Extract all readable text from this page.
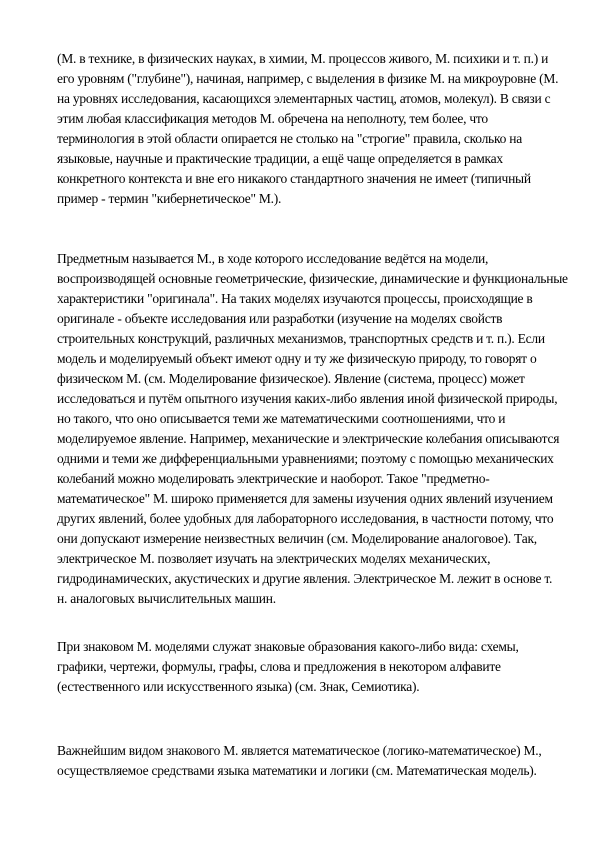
(М. в технике, в физических науках, в химии, М. процессов живого, М. психики и т. п.) и
его уровням ("глубине"), начиная, например, с выделения в физике М. на микроуровне (М.
на уровнях исследования, касающихся элементарных частиц, атомов, молекул). В связи с
этим любая классификация методов М. обречена на неполноту, тем более, что
терминология в этой области опирается не столько на "строгие" правила, сколько на
языковые, научные и практические традиции, а ещё чаще определяется в рамках
конкретного контекста и вне его никакого стандартного значения не имеет (типичный
пример - термин "кибернетическое" М.).
Предметным называется М., в ходе которого исследование ведётся на модели,
воспроизводящей основные геометрические, физические, динамические и функциональные
характеристики "оригинала". На таких моделях изучаются процессы, происходящие в
оригинале - объекте исследования или разработки (изучение на моделях свойств
строительных конструкций, различных механизмов, транспортных средств и т. п.). Если
модель и моделируемый объект имеют одну и ту же физическую природу, то говорят о
физическом М. (см. Моделирование физическое). Явление (система, процесс) может
исследоваться и путём опытного изучения каких-либо явления иной физической природы,
но такого, что оно описывается теми же математическими соотношениями, что и
моделируемое явление. Например, механические и электрические колебания описываются
одними и теми же дифференциальными уравнениями; поэтому с помощью механических
колебаний можно моделировать электрические и наоборот. Такое "предметно-
математическое" М. широко применяется для замены изучения одних явлений изучением
других явлений, более удобных для лабораторного исследования, в частности потому, что
они допускают измерение неизвестных величин (см. Моделирование аналоговое). Так,
электрическое М. позволяет изучать на электрических моделях механических,
гидродинамических, акустических и другие явления. Электрическое М. лежит в основе т.
н. аналоговых вычислительных машин.
При знаковом М. моделями служат знаковые образования какого-либо вида: схемы,
графики, чертежи, формулы, графы, слова и предложения в некотором алфавите
(естественного или искусственного языка) (см. Знак, Семиотика).
Важнейшим видом знакового М. является математическое (логико-математическое) М.,
осуществляемое средствами языка математики и логики (см. Математическая модель).
